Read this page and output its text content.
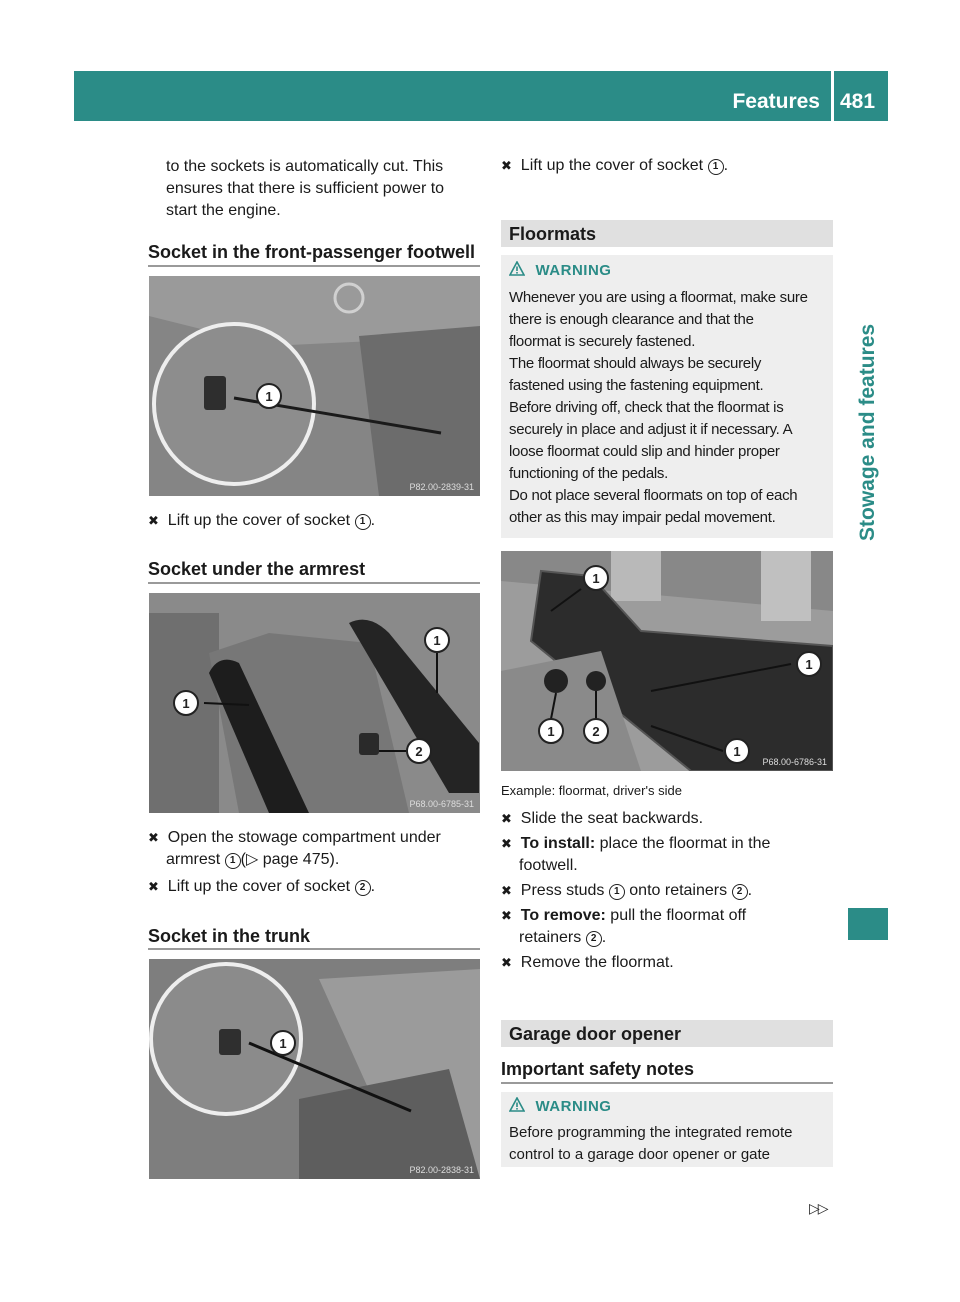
Features 481
Stowage and features
to the sockets is automatically cut. This
ensures that there is sufficient power to
start the engine.
Socket in the front-passenger footwell
1
P82.00-2839-31
✖ Lift up the cover of socket 1 .
Socket under the armrest
1
1
2
P68.00-6785-31
✖ Open the stowage compartment under
armrest 1 (▷ page 475).
✖ Lift up the cover of socket 2 .
Socket in the trunk
1
P82.00-2838-31
✖ Lift up the cover of socket 1 .
Floormats
WARNING
Whenever you are using a floormat, make sure
there is enough clearance and that the
floormat is securely fastened.
The floormat should always be securely
fastened using the fastening equipment.
Before driving off, check that the floormat is
securely in place and adjust it if necessary. A
loose floormat could slip and hinder proper
functioning of the pedals.
Do not place several floormats on top of each
other as this may impair pedal movement.
1
1
1	2
1
P68.00-6786-31
Example: floormat, driver's side
✖ Slide the seat backwards.
✖ To install: place the floormat in the
footwell.
✖ Press studs 1 onto retainers 2 .
✖ To remove: pull the floormat off
retainers 2 .
✖ Remove the floormat.
Garage door opener
Important safety notes
WARNING
Before programming the integrated remote
control to a garage door opener or gate
▷▷
